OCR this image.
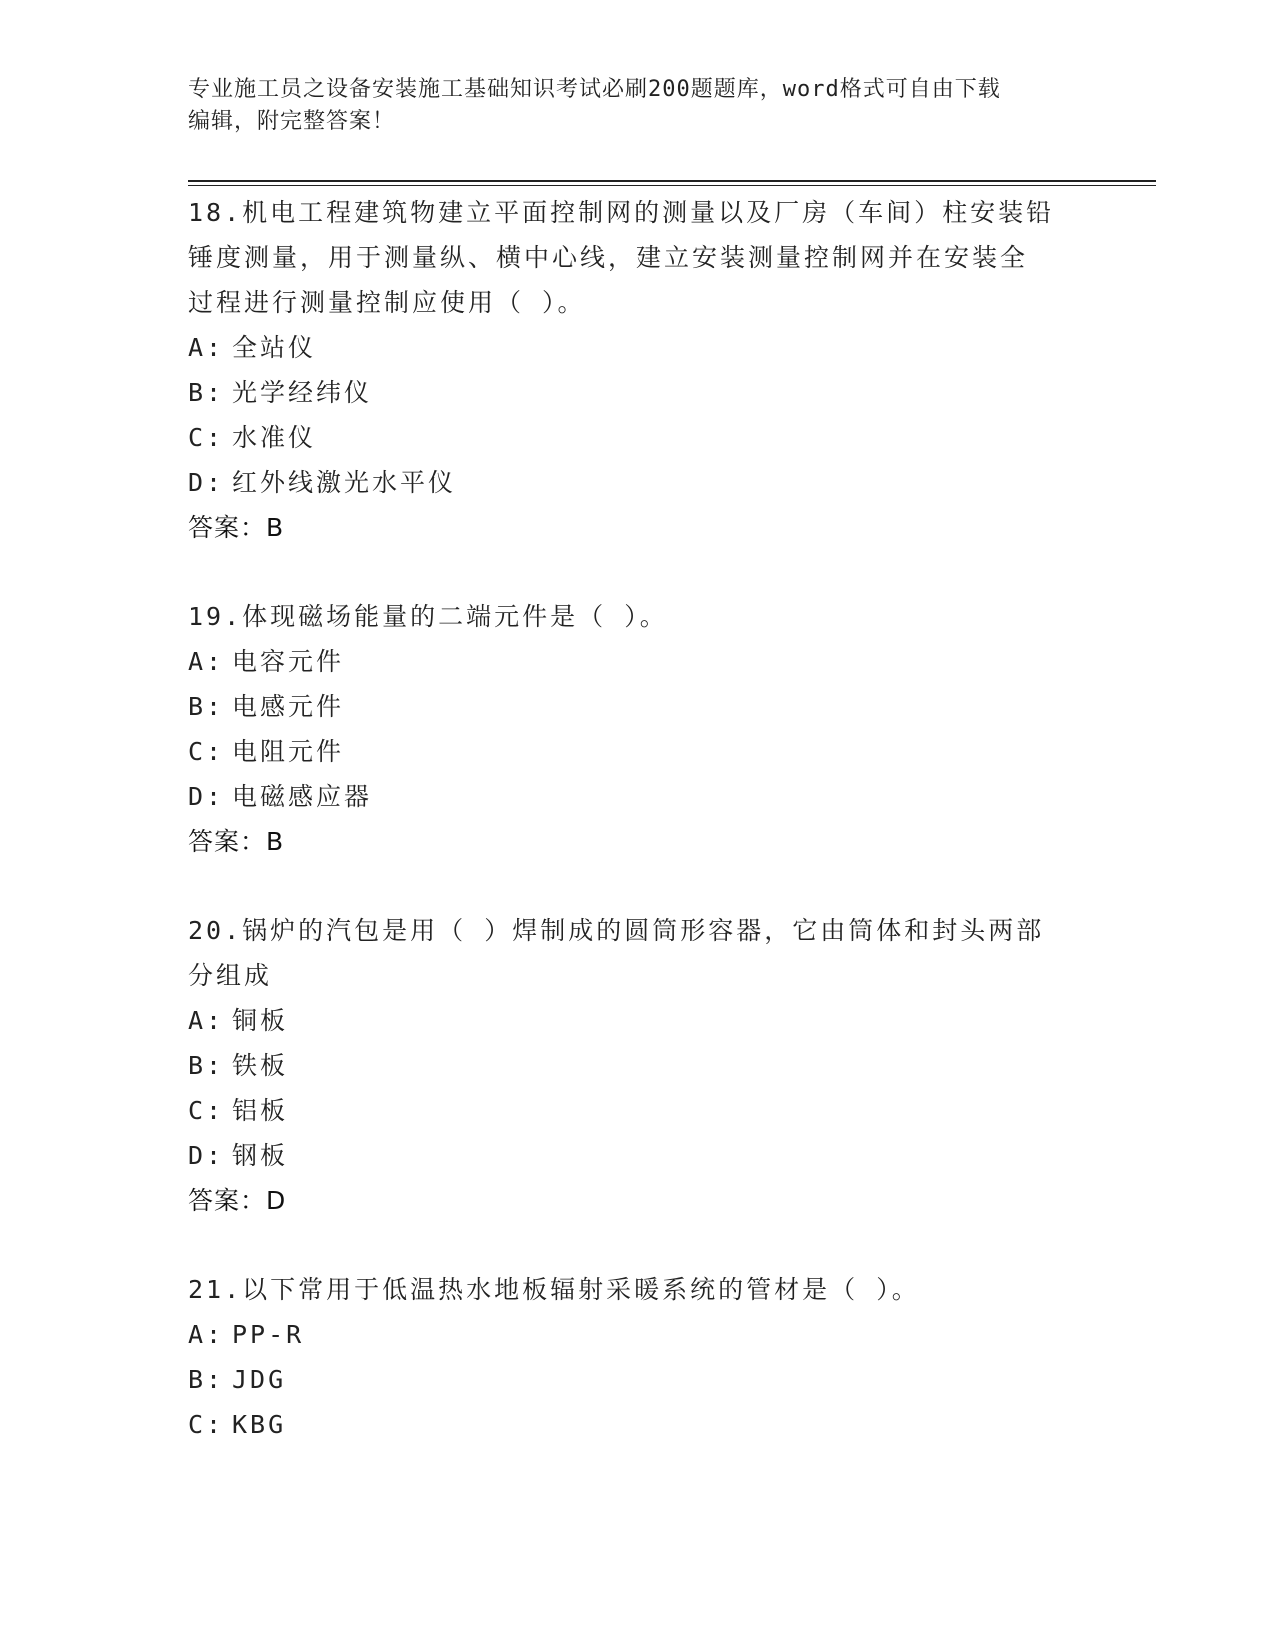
专业施工员之设备安装施工基础知识考试必刷200题题库，word格式可自由下载
编辑，附完整答案！
18.机电工程建筑物建立平面控制网的测量以及厂房（车间）柱安装铅
锤度测量，用于测量纵、横中心线，建立安装测量控制网并在安装全
过程进行测量控制应使用（ ）。
A: 全站仪
B: 光学经纬仪
C: 水准仪
D: 红外线激光水平仪
答案：B
19.体现磁场能量的二端元件是（ ）。
A: 电容元件
B: 电感元件
C: 电阻元件
D: 电磁感应器
答案：B
20.锅炉的汽包是用（ ）焊制成的圆筒形容器，它由筒体和封头两部
分组成
A: 铜板
B: 铁板
C: 铝板
D: 钢板
答案：D
21.以下常用于低温热水地板辐射采暖系统的管材是（ ）。
A: PP-R
B: JDG
C: KBG
